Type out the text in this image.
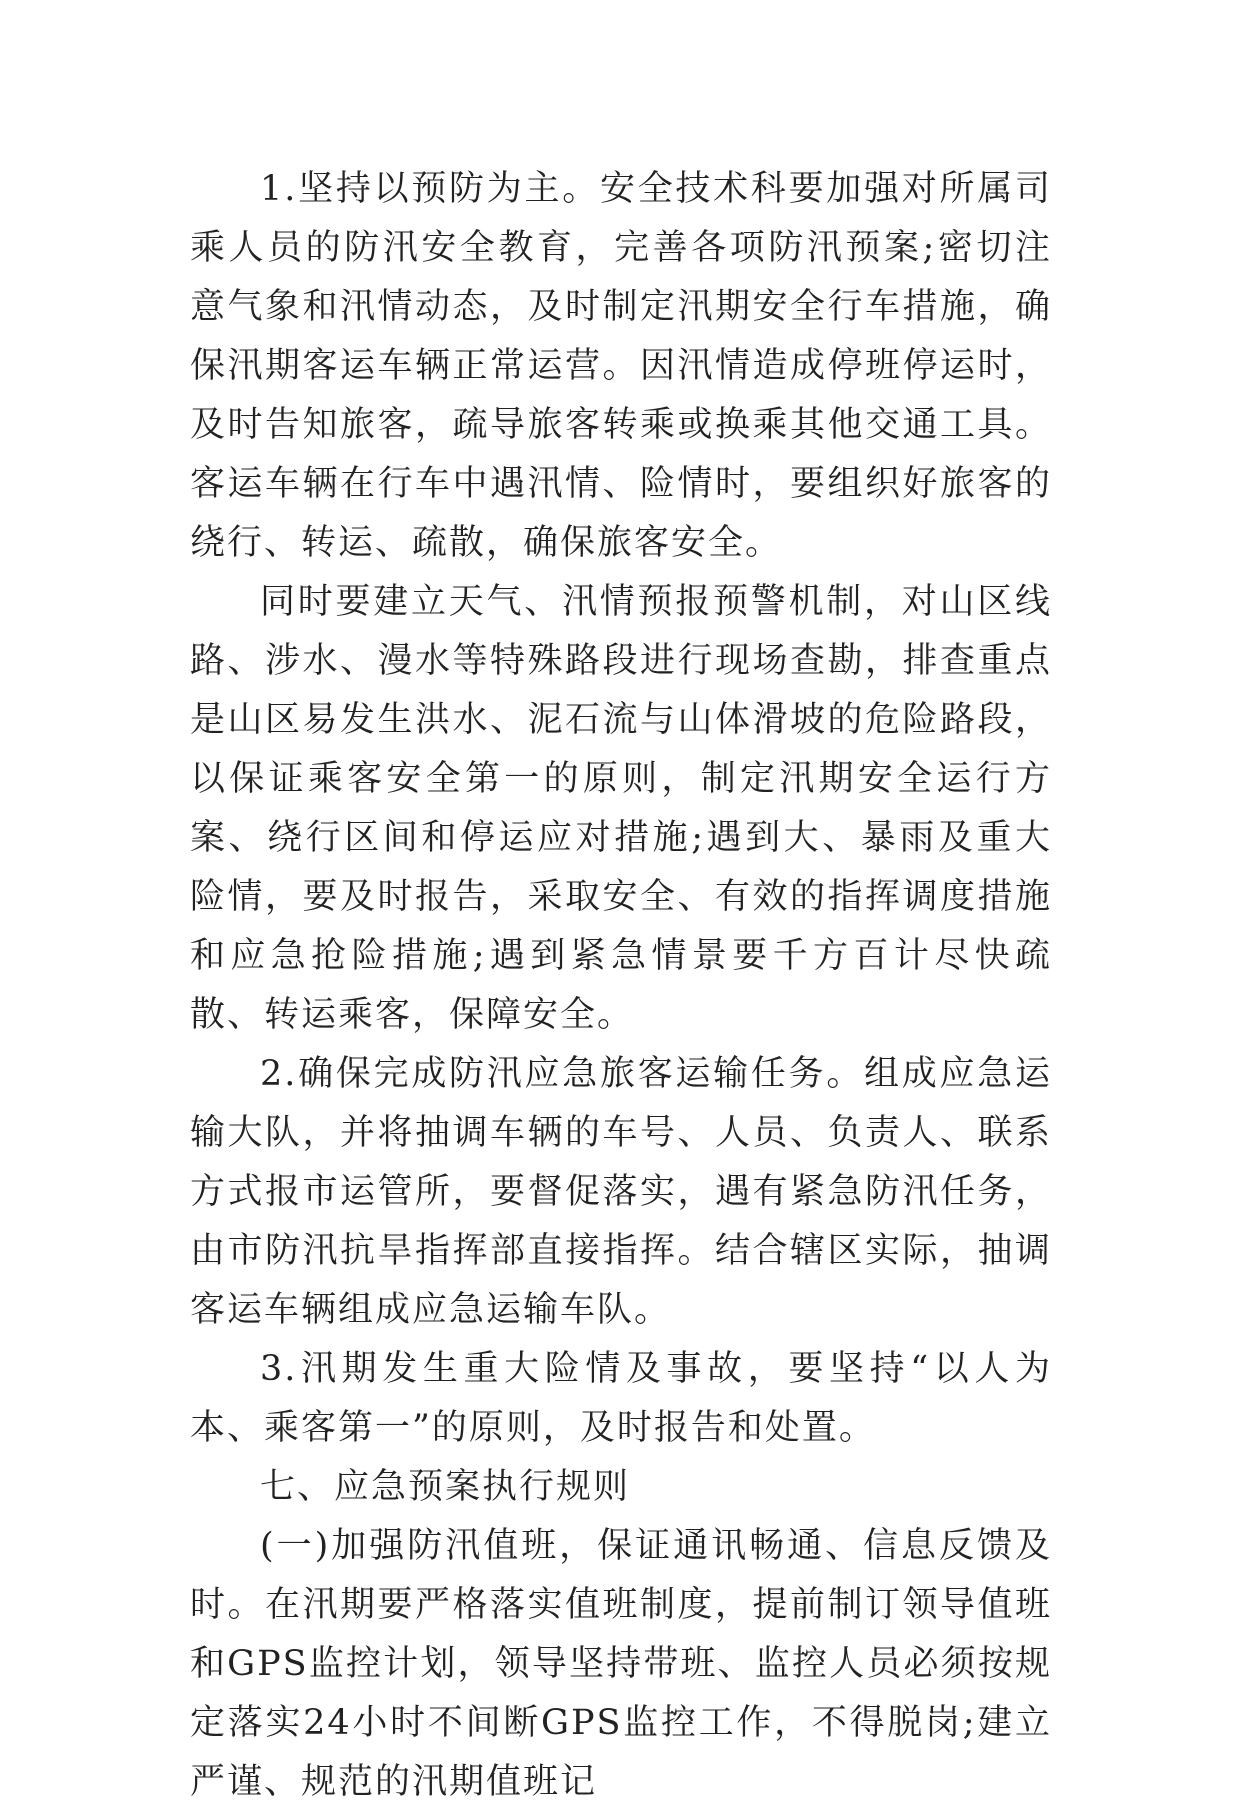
1.坚持以预防为主。安全技术科要加强对所属司乘人员的防汛安全教育，完善各项防汛预案;密切注意气象和汛情动态，及时制定汛期安全行车措施，确保汛期客运车辆正常运营。因汛情造成停班停运时，及时告知旅客，疏导旅客转乘或换乘其他交通工具。客运车辆在行车中遇汛情、险情时，要组织好旅客的绕行、转运、疏散，确保旅客安全。

同时要建立天气、汛情预报预警机制，对山区线路、涉水、漫水等特殊路段进行现场查勘，排查重点是山区易发生洪水、泥石流与山体滑坡的危险路段，以保证乘客安全第一的原则，制定汛期安全运行方案、绕行区间和停运应对措施;遇到大、暴雨及重大险情，要及时报告，采取安全、有效的指挥调度措施和应急抢险措施;遇到紧急情景要千方百计尽快疏散、转运乘客，保障安全。

2.确保完成防汛应急旅客运输任务。组成应急运输大队，并将抽调车辆的车号、人员、负责人、联系方式报市运管所，要督促落实，遇有紧急防汛任务，由市防汛抗旱指挥部直接指挥。结合辖区实际，抽调客运车辆组成应急运输车队。

3.汛期发生重大险情及事故，要坚持“以人为本、乘客第一”的原则，及时报告和处置。

七、应急预案执行规则

(一)加强防汛值班，保证通讯畅通、信息反馈及时。在汛期要严格落实值班制度，提前制订领导值班和GPS监控计划，领导坚持带班、监控人员必须按规定落实24小时不间断GPS监控工作，不得脱岗;建立严谨、规范的汛期值班记
